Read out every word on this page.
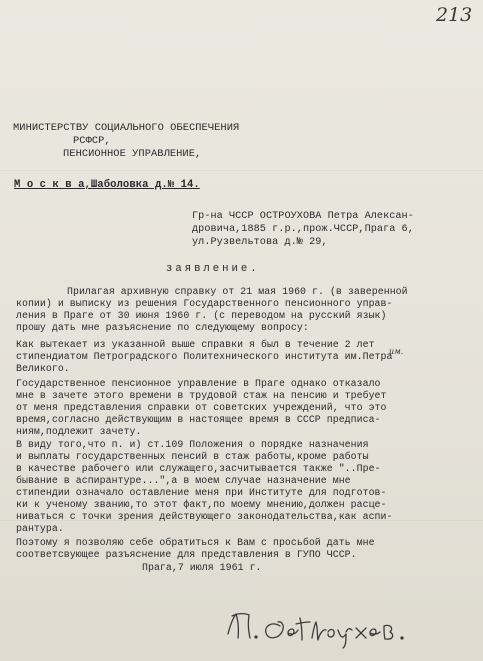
213
МИНИСТЕРСТВУ СОЦИАЛЬНОГО ОБЕСПЕЧЕНИЯ
РСФСР,
ПЕНСИОННОЕ УПРАВЛЕНИЕ,
М о с к в а,Шаболовка д.№ 14.
Гр-на ЧССР ОСТРОУХОВА Петра Алексан-
дровича,1885 г.р.,прож.ЧССР,Прага 6,
ул.Рузвельтова д.№ 29,
заявление.
Прилагая архивную справку от 21 мая 1960 г. (в заверенной
копии) и выписку из решения Государственного пенсионного управ-
ления в Праге от 30 июня 1960 г. (с переводом на русский язык)
прошу дать мне разъяснение по следующему вопросу:
Как вытекает из указанной выше справки я был в течение 2 лет
стипендиатом Петроградского Политехнического институтa им.Петра
Великого.
Государственное пенсионное управление в Праге однако отказало
мне в зачете этого времени в трудовой стаж на пенсию и требует
от меня представления справки от советских учреждений, что это
время,согласно действующим в настоящее время в СССР предписа-
ниям,подлежит зачету.
В виду того,что п. и) ст.109 Положения о порядке назначения
и выплаты государственных пенсий в стаж работы,кроме работы
в качестве рабочего или служащего,засчитывается также "..Пре-
бывание в аспирантуре...",а в моем случае назначение мне
стипендии означало оставление меня при Институте для подготов-
ки к ученому званию,то этот факт,по моему мнению,должен расце-
ниваться с точки зрения действующего законодательства,как аспи-
рантура.
Поэтому я позволяю себе обратиться к Вам с просьбой дать мне
соответсвующее разъяснение для представления в ГУПО ЧССР.
Прага,7 июля 1961 г.
им.
